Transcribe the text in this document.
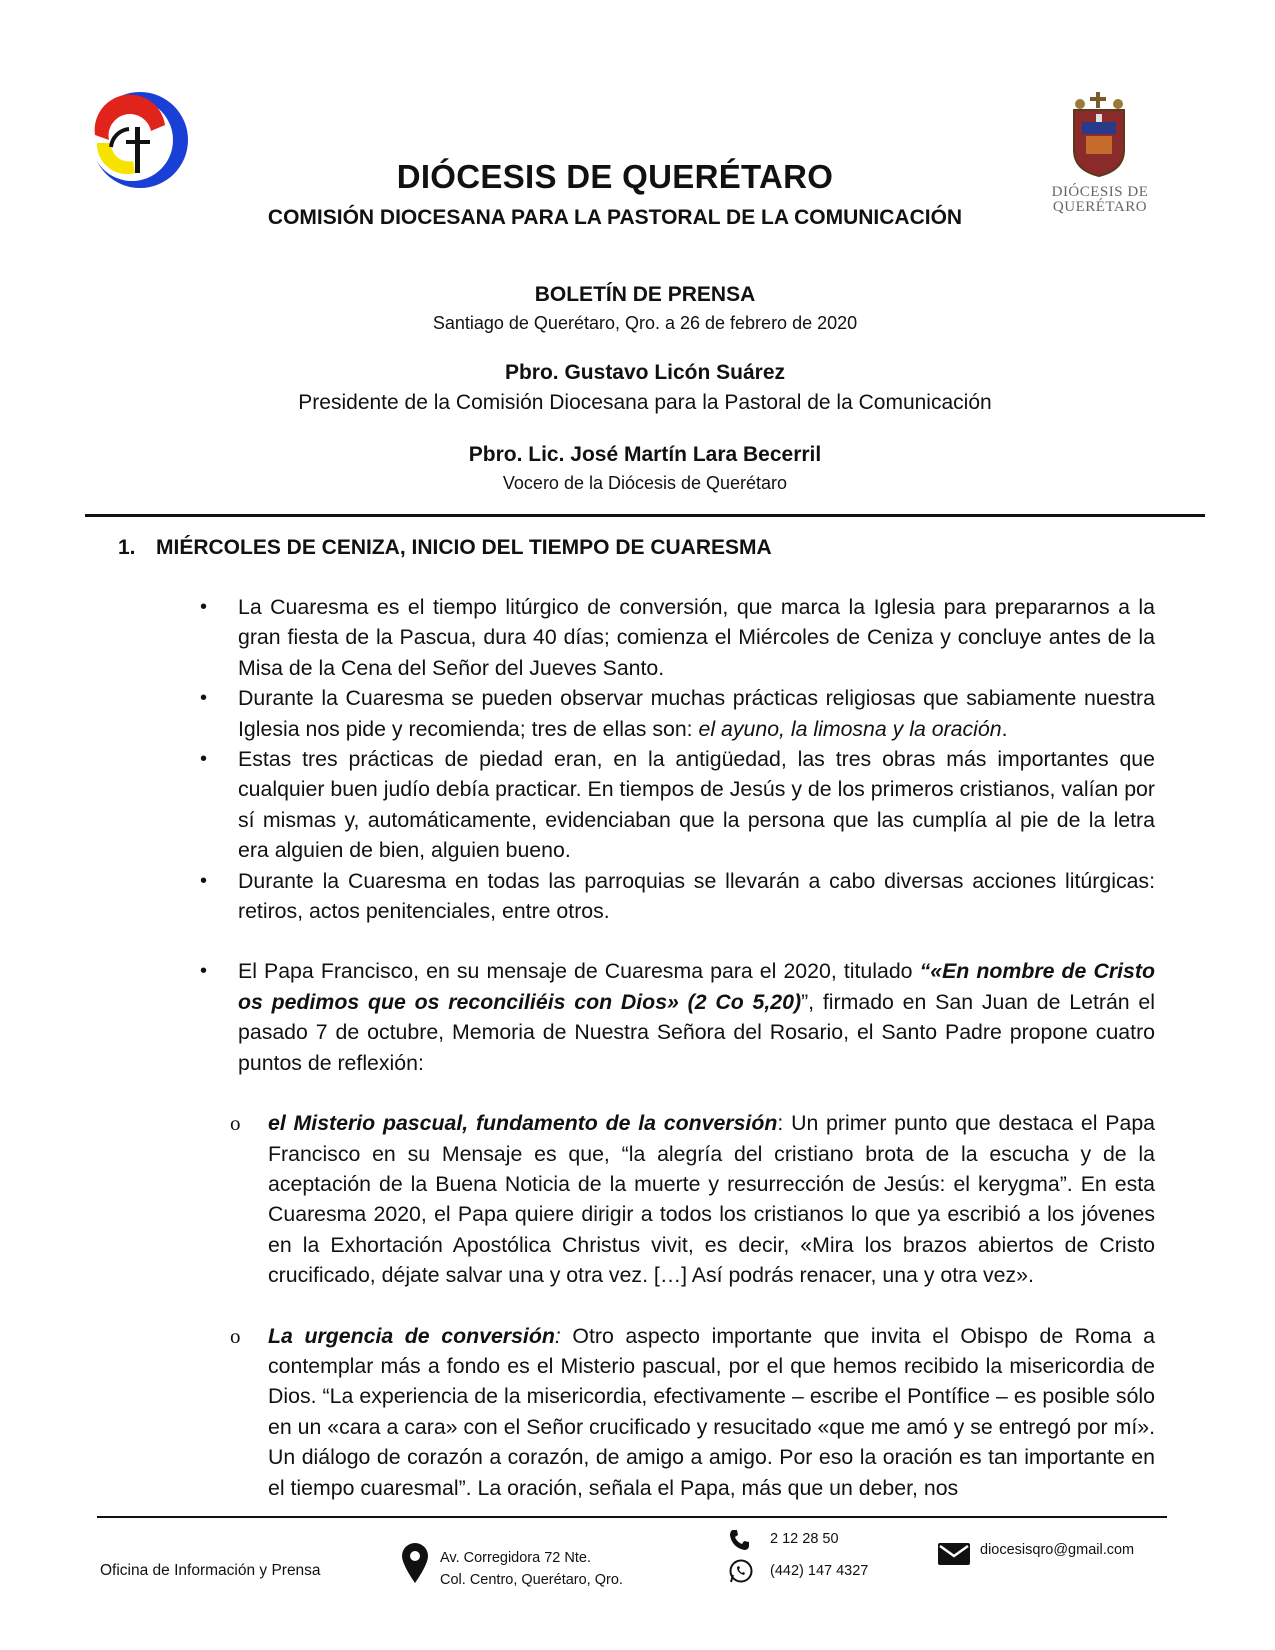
DIÓCESIS DE
QUERÉTARO
DIÓCESIS DE QUERÉTARO
COMISIÓN DIOCESANA PARA LA PASTORAL DE LA COMUNICACIÓN
BOLETÍN DE PRENSA
Santiago de Querétaro, Qro. a 26 de febrero de 2020
Pbro. Gustavo Licón Suárez
Presidente de la Comisión Diocesana para la Pastoral de la Comunicación
Pbro. Lic. José Martín Lara Becerril
Vocero de la Diócesis de Querétaro
1. MIÉRCOLES DE CENIZA, INICIO DEL TIEMPO DE CUARESMA
• La Cuaresma es el tiempo litúrgico de conversión, que marca la Iglesia para prepararnos a la gran fiesta de la Pascua, dura 40 días; comienza el Miércoles de Ceniza y concluye antes de la Misa de la Cena del Señor del Jueves Santo.
• Durante la Cuaresma se pueden observar muchas prácticas religiosas que sabiamente nuestra Iglesia nos pide y recomienda; tres de ellas son: el ayuno, la limosna y la oración.
• Estas tres prácticas de piedad eran, en la antigüedad, las tres obras más importantes que cualquier buen judío debía practicar. En tiempos de Jesús y de los primeros cristianos, valían por sí mismas y, automáticamente, evidenciaban que la persona que las cumplía al pie de la letra era alguien de bien, alguien bueno.
• Durante la Cuaresma en todas las parroquias se llevarán a cabo diversas acciones litúrgicas: retiros, actos penitenciales, entre otros.
• El Papa Francisco, en su mensaje de Cuaresma para el 2020, titulado “«En nombre de Cristo os pedimos que os reconciliéis con Dios» (2 Co 5,20)”, firmado en San Juan de Letrán el pasado 7 de octubre, Memoria de Nuestra Señora del Rosario, el Santo Padre propone cuatro puntos de reflexión:
o el Misterio pascual, fundamento de la conversión: Un primer punto que destaca el Papa Francisco en su Mensaje es que, “la alegría del cristiano brota de la escucha y de la aceptación de la Buena Noticia de la muerte y resurrección de Jesús: el kerygma”. En esta Cuaresma 2020, el Papa quiere dirigir a todos los cristianos lo que ya escribió a los jóvenes en la Exhortación Apostólica Christus vivit, es decir, «Mira los brazos abiertos de Cristo crucificado, déjate salvar una y otra vez. […] Así podrás renacer, una y otra vez».
o La urgencia de conversión: Otro aspecto importante que invita el Obispo de Roma a contemplar más a fondo es el Misterio pascual, por el que hemos recibido la misericordia de Dios. “La experiencia de la misericordia, efectivamente – escribe el Pontífice – es posible sólo en un «cara a cara» con el Señor crucificado y resucitado «que me amó y se entregó por mí». Un diálogo de corazón a corazón, de amigo a amigo. Por eso la oración es tan importante en el tiempo cuaresmal”. La oración, señala el Papa, más que un deber, nos
Oficina de Información y Prensa
Av. Corregidora 72 Nte.
Col. Centro, Querétaro, Qro.
2 12 28 50
(442) 147 4327
diocesisqro@gmail.com
